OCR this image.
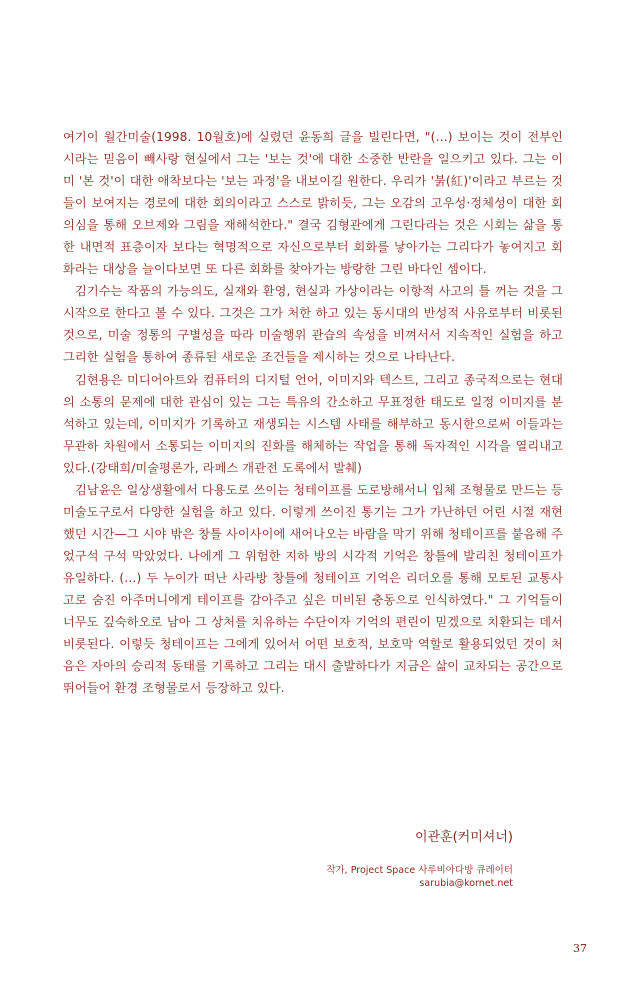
여기이 월간미술(1998. 10월호)에 실렸던 윤동희 글을 빌린다면, "(…) 보이는 것이 전부인 시라는 믿음이 빼사랑 현실에서 그는 '보는 것'에 대한 소중한 반란을 일으키고 있다. 그는 이미 '본 것'이 대한 애착보다는 '보는 과정'을 내보이길 원한다. 우리가 '붉(紅)'이라고 부르는 것들이 보여지는 경로에 대한 회의이라고 스스로 밝히듯, 그는 오감의 고우성·정체성이 대한 회의심을 통해 오브제와 그림을 재해석한다." 결국 김형관에게 그린다라는 것은 시회는 삶을 통한 내면적 표층이자 보다는 혁명적으로 자신으로부터 회화를 낳아가는 그리다가 놓여지고 회화라는 대상을 늘이다보면 또 다른 회화를 찾아가는 방랑한 그린 바다인 셈이다.

김기수는 작품의 가능의도, 실재와 환영, 현실과 가상이라는 이항적 사고의 틀 꺼는 것을 그 시작으로 한다고 볼 수 있다. 그것은 그가 처한 하고 있는 동시대의 반성적 사유로부터 비롯된 것으로, 미술 정통의 구별성을 따라 미술행위 관습의 속성을 비껴서서 지속적인 실험을 하고 그리한 실험을 통하여 종류된 새로운 조건들을 제시하는 것으로 나타난다.

김현용은 미디어아트와 컴퓨터의 디지털 언어, 이미지와 텍스트, 그리고 종국적으로는 현대의 소통의 문제에 대한 관심이 있는 그는 특유의 간소하고 무표정한 태도로 일정 이미지를 분석하고 있는데, 이미지가 기록하고 재생되는 시스템 사태를 해부하고 동시한으로써 이들과는 무관하 차원에서 소통되는 이미지의 진화를 해체하는 작업을 통해 독자적인 시각을 열리내고 있다.(강태희/미술평론가, 라페스 개관전 도록에서 발췌)

김남윤은 일상생활에서 다용도로 쓰이는 청테이프를 도로방해서니 입체 조형물로 만드는 등 미술도구로서 다양한 실험을 하고 있다. 이렇게 쓰이진 통기는 그가 가난하던 어린 시절 재현했던 시간—그 시야 밖은 창틀 사이사이에 새어나오는 바람을 막기 위해 청테이프를 붙음해 주었구석 구석 막았었다. 나에게 그 위험한 지하 방의 시각적 기억은 창틀에 발리친 청테이프가 유일하다. (…) 두 누이가 떠난 사라방 창틀에 청테이프 기억은 리더오를 통해 모토된 교통사고로 숨진 아주머니에게 테이프를 감아주고 싶은 미비된 충동으로 인식하였다." 그 기억들이 너무도 깊숙하오로 남아 그 상처를 치유하는 수단이자 기억의 편린이 믿겠으로 치환되는 데서 비롯된다. 이렇듯 청테이프는 그에게 있어서 어떤 보호적, 보호막 역할로 활용되었던 것이 처음은 자아의 승리적 동태를 기록하고 그리는 대시 출발하다가 지금은 삶이 교차되는 공간으로 뛰어들어 환경 조형물로서 등장하고 있다.

이관훈(커미셔너)
작가, Project Space 사루비아다방 큐레이터
sarubia@kornet.net
37
